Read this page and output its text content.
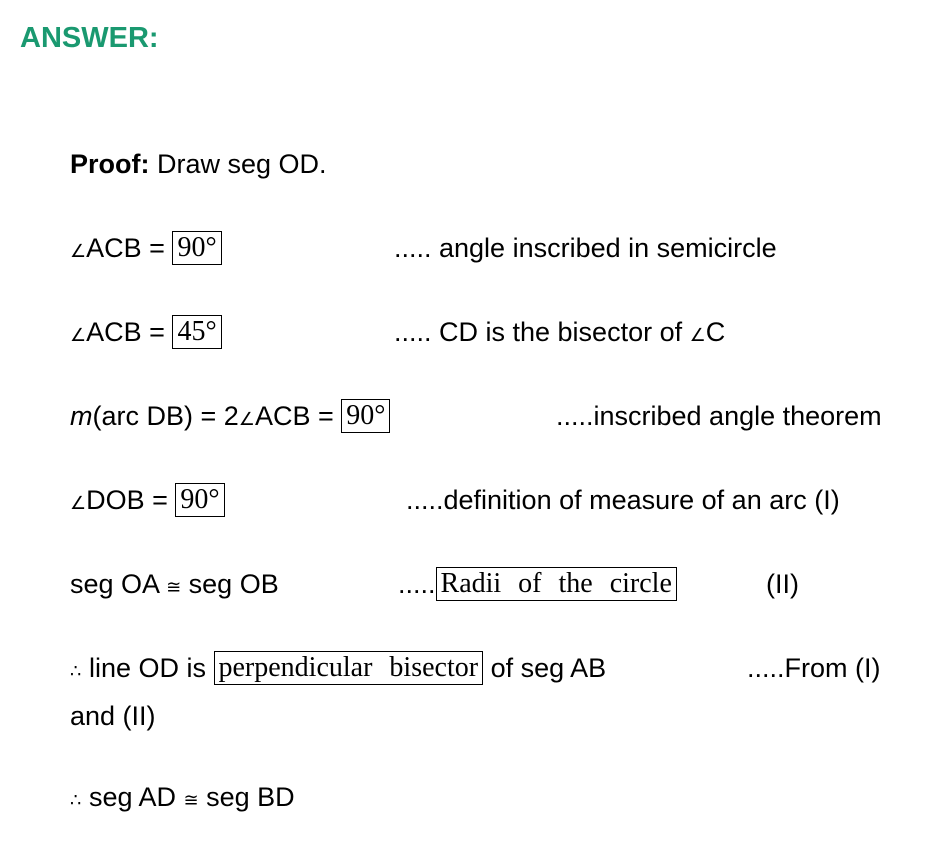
ANSWER:
Proof: Draw seg OD.
∠ACB = 90°	..... angle inscribed in semicircle
∠ACB = 45°	..... CD is the bisector of ∠C
m(arc DB) = 2∠ACB = 90°	.....inscribed angle theorem
∠DOB = 90°	.....definition of measure of an arc (I)
seg OA ≅ seg OB	..... Radii of the circle	(II)
∴ line OD is perpendicular bisector of seg AB	.....From (I)
and (II)
∴ seg AD ≅ seg BD
